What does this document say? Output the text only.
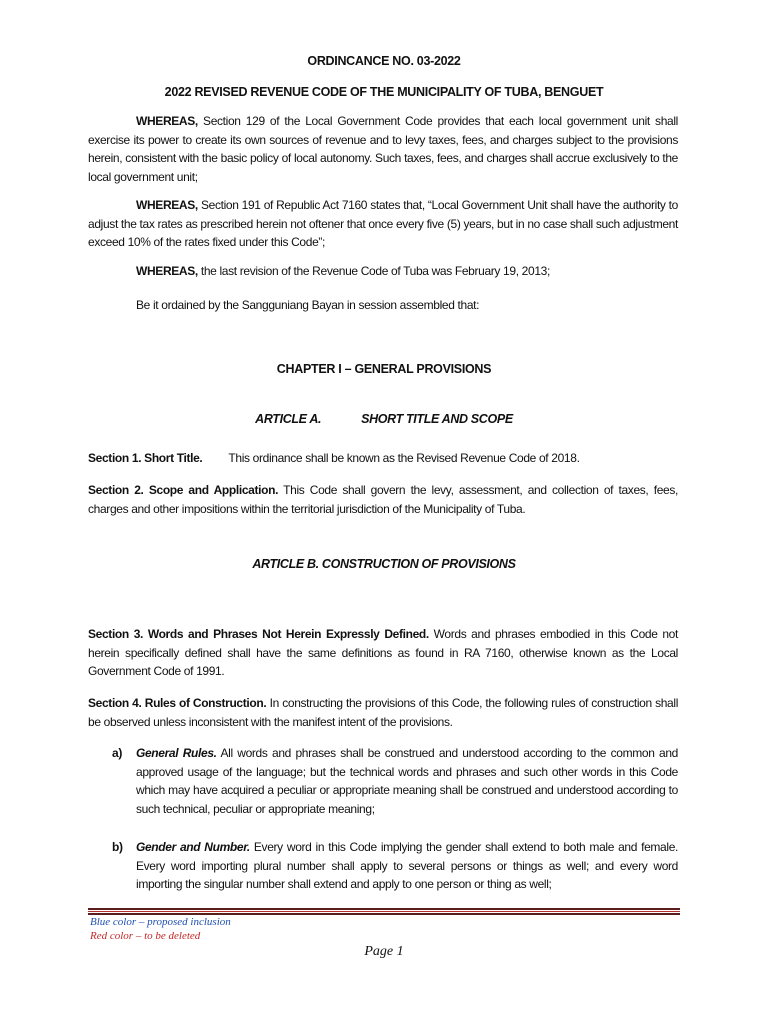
ORDINCANCE NO. 03-2022
2022 REVISED REVENUE CODE OF THE MUNICIPALITY OF TUBA, BENGUET
WHEREAS, Section 129 of the Local Government Code provides that each local government unit shall exercise its power to create its own sources of revenue and to levy taxes, fees, and charges subject to the provisions herein, consistent with the basic policy of local autonomy. Such taxes, fees, and charges shall accrue exclusively to the local government unit;
WHEREAS, Section 191 of Republic Act 7160 states that, “Local Government Unit shall have the authority to adjust the tax rates as prescribed herein not oftener that once every five (5) years, but in no case shall such adjustment exceed 10% of the rates fixed under this Code”;
WHEREAS, the last revision of the Revenue Code of Tuba was February 19, 2013;
Be it ordained by the Sangguniang Bayan in session assembled that:
CHAPTER I – GENERAL PROVISIONS
ARTICLE A.	SHORT TITLE AND SCOPE
Section 1. Short Title. This ordinance shall be known as the Revised Revenue Code of 2018.
Section 2. Scope and Application. This Code shall govern the levy, assessment, and collection of taxes, fees, charges and other impositions within the territorial jurisdiction of the Municipality of Tuba.
ARTICLE B. CONSTRUCTION OF PROVISIONS
Section 3. Words and Phrases Not Herein Expressly Defined. Words and phrases embodied in this Code not herein specifically defined shall have the same definitions as found in RA 7160, otherwise known as the Local Government Code of 1991.
Section 4. Rules of Construction. In constructing the provisions of this Code, the following rules of construction shall be observed unless inconsistent with the manifest intent of the provisions.
a) General Rules. All words and phrases shall be construed and understood according to the common and approved usage of the language; but the technical words and phrases and such other words in this Code which may have acquired a peculiar or appropriate meaning shall be construed and understood according to such technical, peculiar or appropriate meaning;
b) Gender and Number. Every word in this Code implying the gender shall extend to both male and female. Every word importing plural number shall apply to several persons or things as well; and every word importing the singular number shall extend and apply to one person or thing as well;
Blue color – proposed inclusion
Red color – to be deleted
Page 1
